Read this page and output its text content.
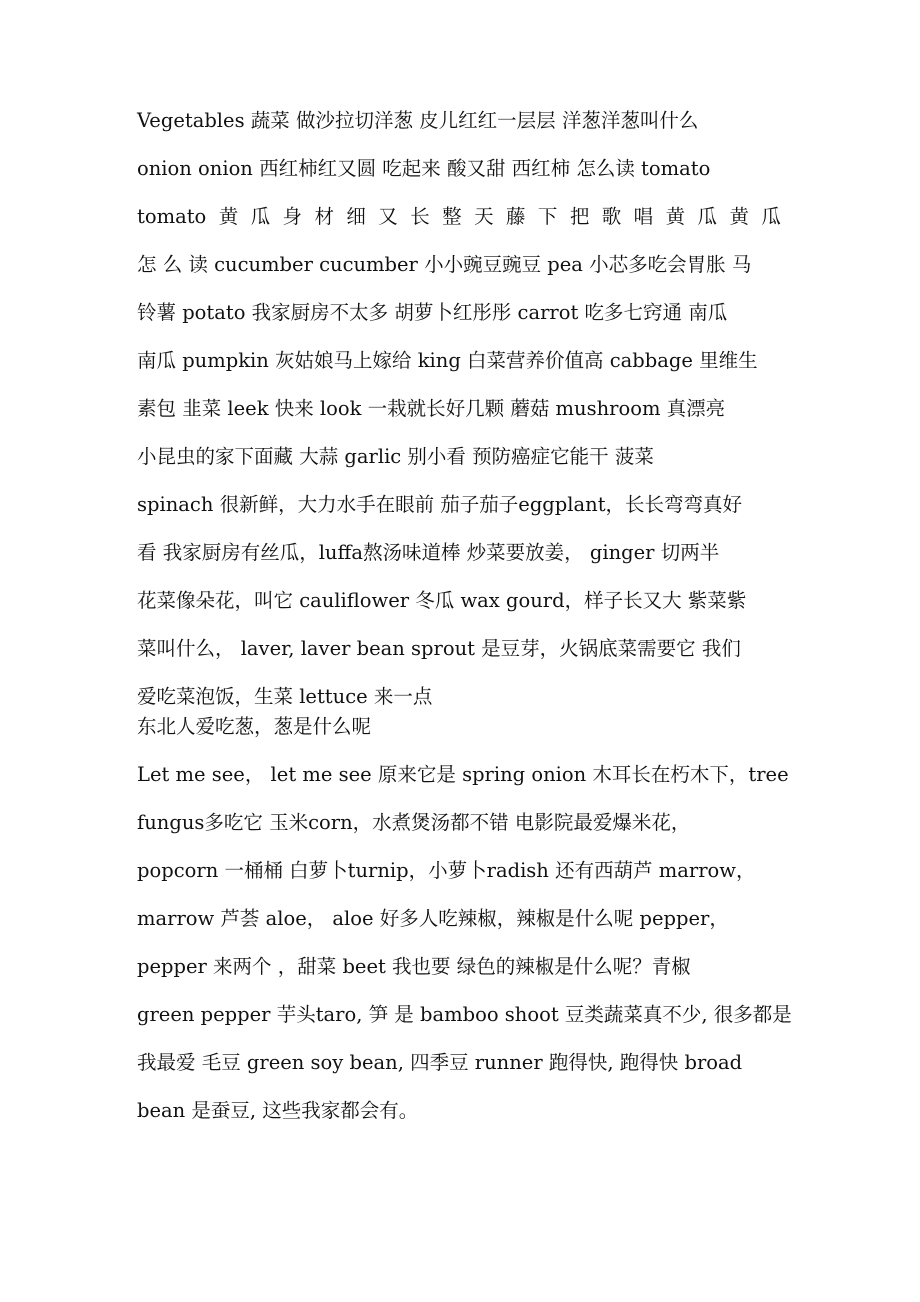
Vegetables 蔬菜 做沙拉切洋葱 皮儿红红一层层 洋葱洋葱叫什么
onion onion 西红柿红又圆 吃起来 酸又甜 西红柿 怎么读 tomato
tomato 黄 瓜 身 材 细 又 长 整 天 藤 下 把 歌 唱 黄 瓜 黄 瓜
怎 么 读 cucumber cucumber 小小豌豆豌豆 pea 小芯多吃会胃胀 马
铃薯 potato 我家厨房不太多 胡萝卜红彤彤 carrot 吃多七窍通 南瓜
南瓜 pumpkin 灰姑娘马上嫁给 king 白菜营养价值高 cabbage 里维生
素包 韭菜 leek 快来 look 一栽就长好几颗 蘑菇 mushroom 真漂亮
小昆虫的家下面藏 大蒜 garlic 别小看 预防癌症它能干 菠菜
spinach 很新鲜，大力水手在眼前 茄子茄子eggplant，长长弯弯真好
看 我家厨房有丝瓜，luffa熬汤味道棒 炒菜要放姜， ginger 切两半
花菜像朵花，叫它 cauliflower 冬瓜 wax gourd，样子长又大 紫菜紫
菜叫什么， laver, laver bean sprout 是豆芽，火锅底菜需要它 我们
爱吃菜泡饭，生菜 lettuce 来一点
东北人爱吃葱，葱是什么呢
Let me see， let me see 原来它是 spring onion 木耳长在朽木下，tree
fungus多吃它 玉米corn，水煮煲汤都不错 电影院最爱爆米花，
popcorn 一桶桶 白萝卜turnip，小萝卜radish 还有西葫芦 marrow，
marrow 芦荟 aloe， aloe 好多人吃辣椒，辣椒是什么呢 pepper，
pepper 来两个 ，甜菜 beet 我也要 绿色的辣椒是什么呢？青椒
green pepper 芋头taro, 笋 是 bamboo shoot 豆类蔬菜真不少, 很多都是
我最爱 毛豆 green soy bean, 四季豆 runner 跑得快, 跑得快 broad
bean 是蚕豆, 这些我家都会有。
